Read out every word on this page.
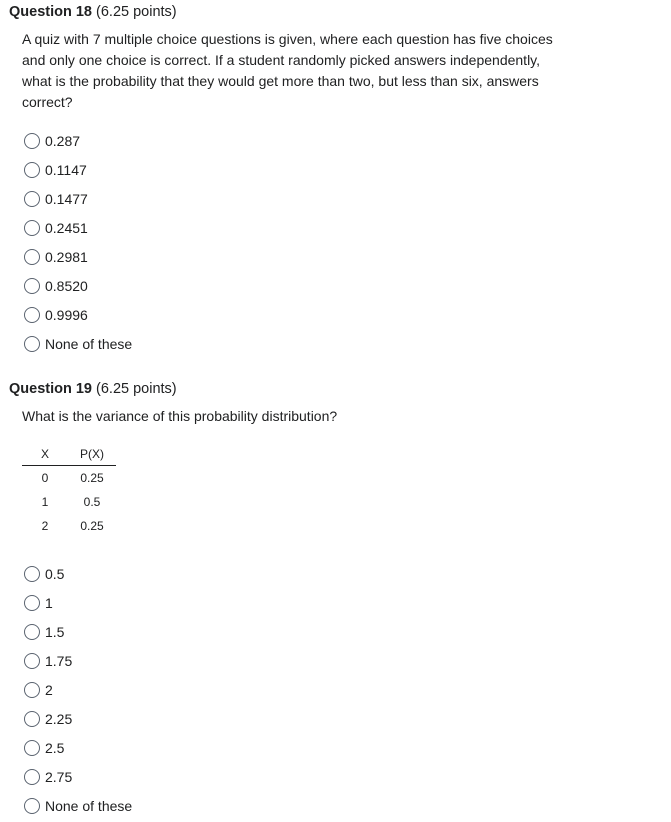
Question 18 (6.25 points)
A quiz with 7 multiple choice questions is given, where each question has five choices and only one choice is correct. If a student randomly picked answers independently, what is the probability that they would get more than two, but less than six, answers correct?
0.287
0.1147
0.1477
0.2451
0.2981
0.8520
0.9996
None of these
Question 19 (6.25 points)
What is the variance of this probability distribution?
X	P(X)
0	0.25
1	0.5
2	0.25
0.5
1
1.5
1.75
2
2.25
2.5
2.75
None of these
